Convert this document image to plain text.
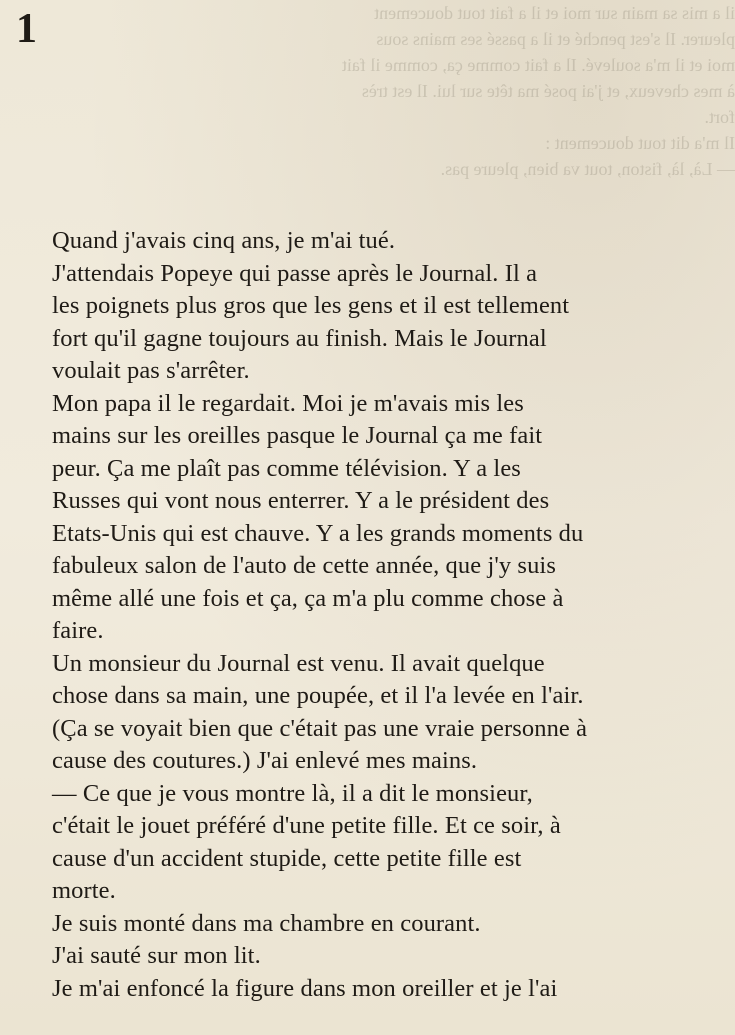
il a mis sa main sur moi et il a fait tout doucement
pleurer. Il s'est penché et il a passé ses mains sous
moi et il m'a soulevé. Il a fait comme ça, comme il fait
à mes cheveux, et j'ai posé ma tête sur lui. Il est très
fort.
Il m'a dit tout doucement :
— Là, là, fiston, tout va bien, pleure pas.
1

Quand j'avais cinq ans, je m'ai tué.

J'attendais Popeye qui passe après le Journal. Il a
les poignets plus gros que les gens et il est tellement
fort qu'il gagne toujours au finish. Mais le Journal
voulait pas s'arrêter.

Mon papa il le regardait. Moi je m'avais mis les
mains sur les oreilles pasque le Journal ça me fait
peur. Ça me plaît pas comme télévision. Y a les
Russes qui vont nous enterrer. Y a le président des
Etats-Unis qui est chauve. Y a les grands moments du
fabuleux salon de l'auto de cette année, que j'y suis
même allé une fois et ça, ça m'a plu comme chose à
faire.

Un monsieur du Journal est venu. Il avait quelque
chose dans sa main, une poupée, et il l'a levée en l'air.
(Ça se voyait bien que c'était pas une vraie personne à
cause des coutures.) J'ai enlevé mes mains.

— Ce que je vous montre là, il a dit le monsieur,
c'était le jouet préféré d'une petite fille. Et ce soir, à
cause d'un accident stupide, cette petite fille est
morte.

Je suis monté dans ma chambre en courant.

J'ai sauté sur mon lit.

Je m'ai enfoncé la figure dans mon oreiller et je l'ai
